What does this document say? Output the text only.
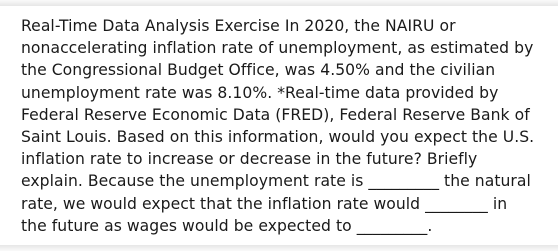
Real-Time Data Analysis Exercise In 2020, the NAIRU or
nonaccelerating inflation rate of unemployment, as estimated by
the Congressional Budget Office, was 4.50% and the civilian
unemployment rate was 8.10%. *Real-time data provided by
Federal Reserve Economic Data (FRED), Federal Reserve Bank of
Saint Louis. Based on this information, would you expect the U.S.
inflation rate to increase or decrease in the future? Briefly
explain. Because the unemployment rate is _________ the natural
rate, we would expect that the inflation rate would ________ in
the future as wages would be expected to _________.
